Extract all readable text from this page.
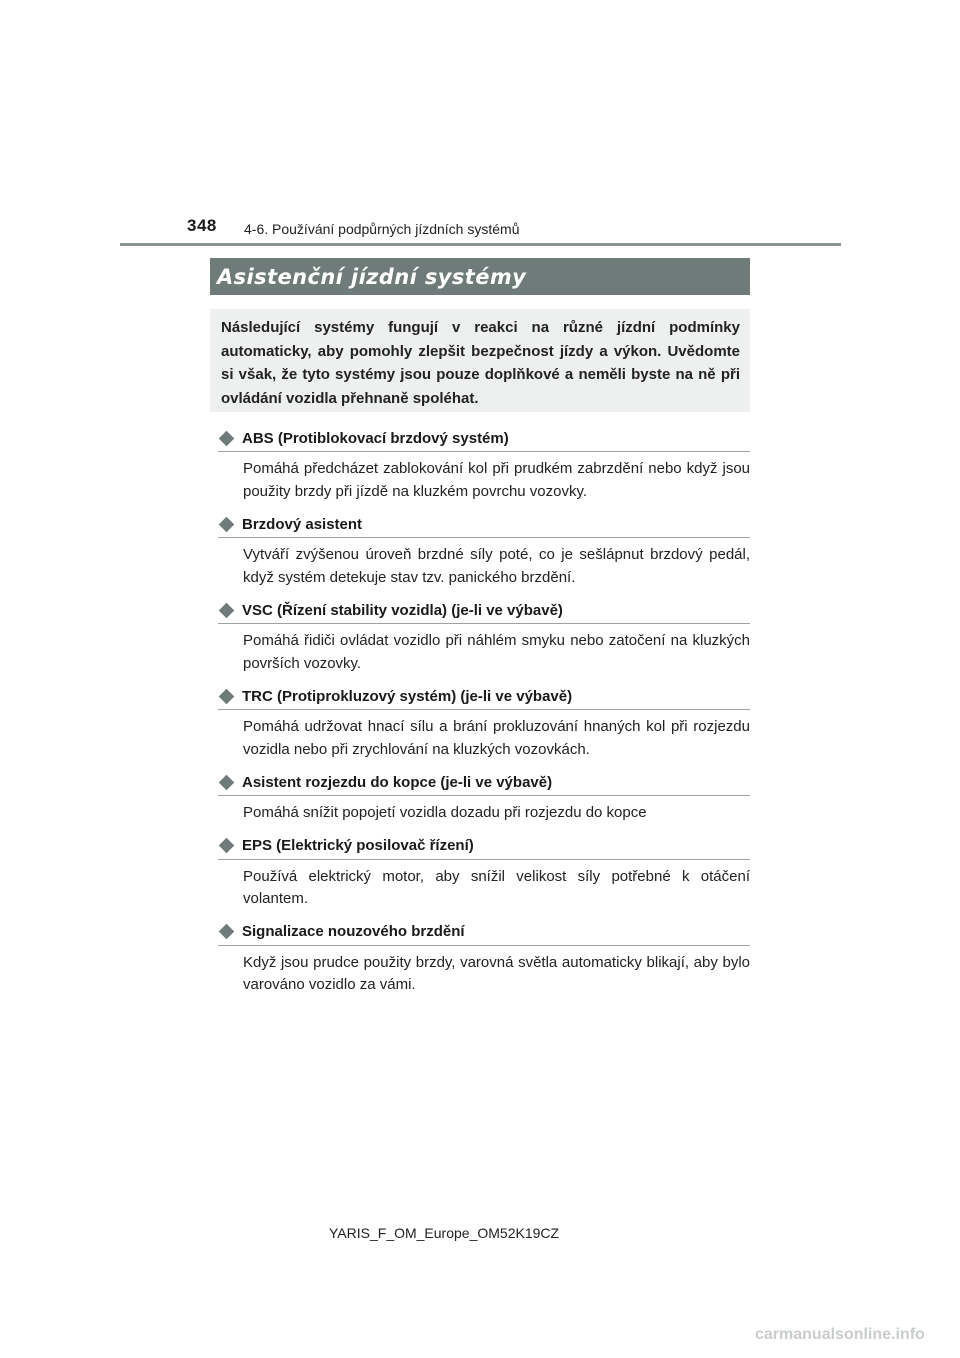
348 4-6. Používání podpůrných jízdních systémů
Asistenční jízdní systémy

Následující systémy fungují v reakci na různé jízdní podmínky automaticky, aby pomohly zlepšit bezpečnost jízdy a výkon. Uvědomte si však, že tyto systémy jsou pouze doplňkové a neměli byste na ně při ovládání vozidla přehnaně spoléhat.

ABS (Protiblokovací brzdový systém)

Pomáhá předcházet zablokování kol při prudkém zabrzdění nebo když jsou použity brzdy při jízdě na kluzkém povrchu vozovky.

Brzdový asistent

Vytváří zvýšenou úroveň brzdné síly poté, co je sešlápnut brzdový pedál, když systém detekuje stav tzv. panického brzdění.

VSC (Řízení stability vozidla) (je-li ve výbavě)

Pomáhá řidiči ovládat vozidlo při náhlém smyku nebo zatočení na kluzkých površích vozovky.

TRC (Protiprokluzový systém) (je-li ve výbavě)

Pomáhá udržovat hnací sílu a brání prokluzování hnaných kol při rozjezdu vozidla nebo při zrychlování na kluzkých vozovkách.

Asistent rozjezdu do kopce (je-li ve výbavě)

Pomáhá snížit popojetí vozidla dozadu při rozjezdu do kopce

EPS (Elektrický posilovač řízení)

Používá elektrický motor, aby snížil velikost síly potřebné k otáčení volantem.

Signalizace nouzového brzdění

Když jsou prudce použity brzdy, varovná světla automaticky blikají, aby bylo varováno vozidlo za vámi.

YARIS_F_OM_Europe_OM52K19CZ
carmanualsonline.info
